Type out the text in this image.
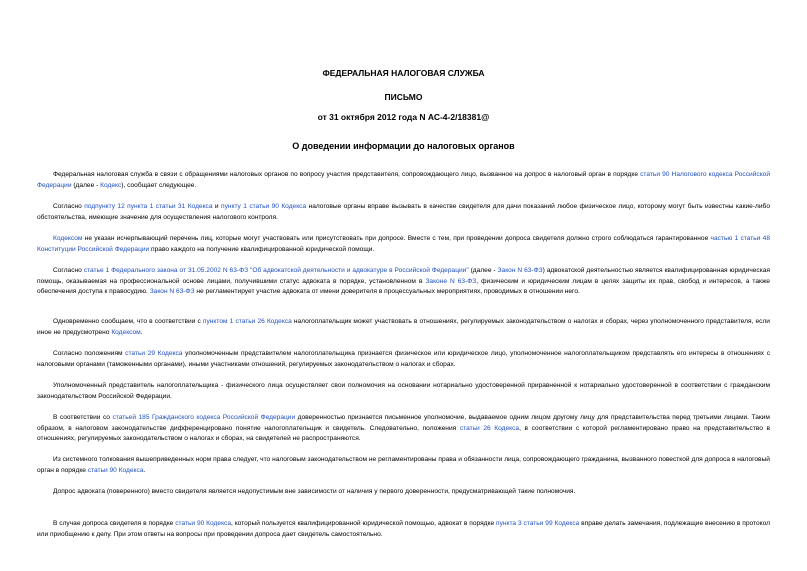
ФЕДЕРАЛЬНАЯ НАЛОГОВАЯ СЛУЖБА

ПИСЬМО

от 31 октября 2012 года N АС-4-2/18381@

О доведении информации до налоговых органов

Федеральная налоговая служба в связи с обращениями налоговых органов по вопросу участия представителя, сопровождающего лицо, вызванное на допрос в налоговый орган в порядке статьи 90 Налогового кодекса Российской Федерации (далее - Кодекс), сообщает следующее.

Согласно подпункту 12 пункта 1 статьи 31 Кодекса и пункту 1 статьи 90 Кодекса налоговые органы вправе вызывать в качестве свидетеля для дачи показаний любое физическое лицо, которому могут быть известны какие-либо обстоятельства, имеющие значение для осуществления налогового контроля.

Кодексом не указан исчерпывающий перечень лиц, которые могут участвовать или присутствовать при допросе. Вместе с тем, при проведении допроса свидетеля должно строго соблюдаться гарантированное частью 1 статьи 48 Конституции Российской Федерации право каждого на получение квалифицированной юридической помощи.

Согласно статье 1 Федерального закона от 31.05.2002 N 63-ФЗ "Об адвокатской деятельности и адвокатуре в Российской Федерации" (далее - Закон N 63-ФЗ) адвокатской деятельностью является квалифицированная юридическая помощь, оказываемая на профессиональной основе лицами, получившими статус адвоката в порядке, установленном в Законе N 63-ФЗ, физическим и юридическим лицам в целях защиты их прав, свобод и интересов, а также обеспечения доступа к правосудию. Закон N 63-ФЗ не регламентирует участие адвоката от имени доверителя в процессуальных мероприятиях, проводимых в отношении него.

Одновременно сообщаем, что в соответствии с пунктом 1 статьи 26 Кодекса налогоплательщик может участвовать в отношениях, регулируемых законодательством о налогах и сборах, через уполномоченного представителя, если иное не предусмотрено Кодексом.

Согласно положениям статьи 29 Кодекса уполномоченным представителем налогоплательщика признается физическое или юридическое лицо, уполномоченное налогоплательщиком представлять его интересы в отношениях с налоговыми органами (таможенными органами), иными участниками отношений, регулируемых законодательством о налогах и сборах.

Уполномоченный представитель налогоплательщика - физического лица осуществляет свои полномочия на основании нотариально удостоверенной приравненной к нотариально удостоверенной в соответствии с гражданским законодательством Российской Федерации.

В соответствии со статьей 185 Гражданского кодекса Российской Федерации доверенностью признается письменное уполномочие, выдаваемое одним лицом другому лицу для представительства перед третьими лицами. Таким образом, в налоговом законодательстве дифференцировано понятие налогоплательщик и свидетель. Следовательно, положения статьи 26 Кодекса, в соответствии с которой регламентировано право на представительство в отношениях, регулируемых законодательством о налогах и сборах, на свидетелей не распространяются.

Из системного толкования вышеприведенных норм права следует, что налоговым законодательством не регламентированы права и обязанности лица, сопровождающего гражданина, вызванного повесткой для допроса в налоговый орган в порядке статьи 90 Кодекса.

Допрос адвоката (поверенного) вместо свидетеля является недопустимым вне зависимости от наличия у первого доверенности, предусматривающей такие полномочия.

В случае допроса свидетеля в порядке статьи 90 Кодекса, который пользуется квалифицированной юридической помощью, адвокат в порядке пункта 3 статьи 99 Кодекса вправе делать замечания, подлежащие внесению в протокол или приобщению к делу. При этом ответы на вопросы при проведении допроса дает свидетель самостоятельно.
